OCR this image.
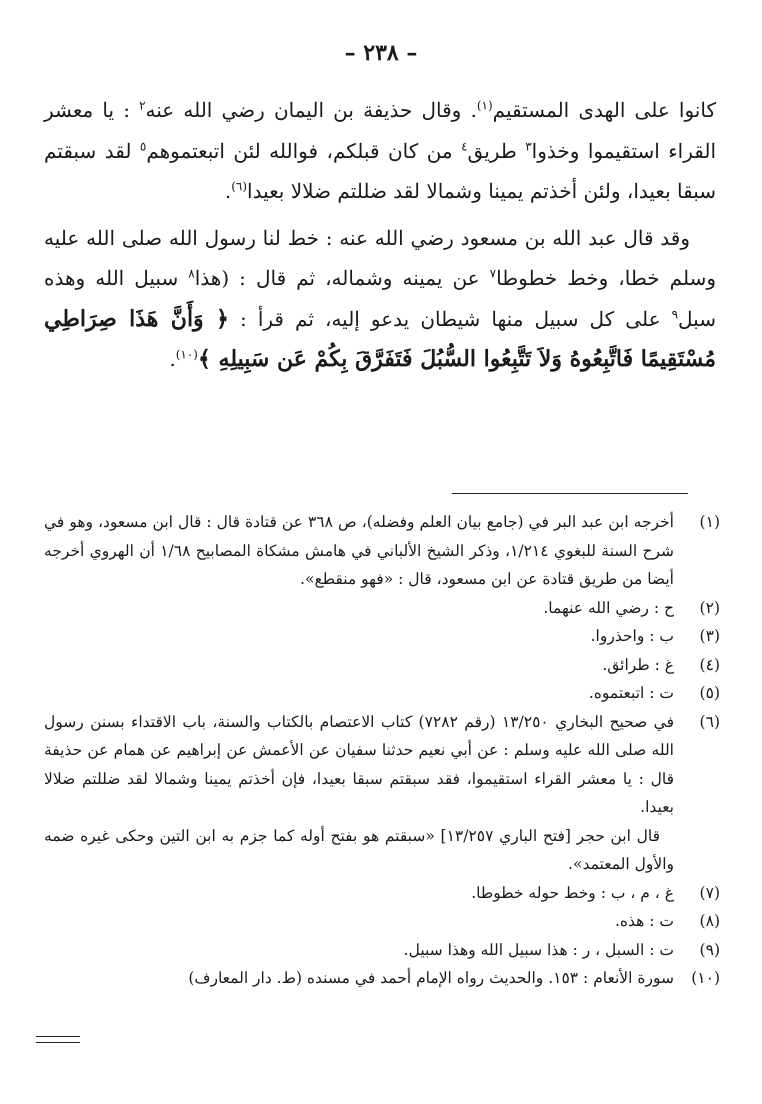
– ٢٣٨ –

كانوا على الهدى المستقيم$^{(١)}$. وقال حذيفة بن اليمان رضي الله عنه$^٢$ : يا معشر القراء استقيموا وخذوا$^٣$ طريق$^٤$ من كان قبلكم، فوالله لئن اتبعتموهم$^٥$ لقد سبقتم سبقا بعيدا، ولئن أخذتم يمينا وشمالا لقد ضللتم ضلالا بعيدا$^{(٦)}$.

وقد قال عبد الله بن مسعود رضي الله عنه : خط لنا رسول الله صلى الله عليه وسلم خطا، وخط خطوطا$^٧$ عن يمينه وشماله، ثم قال : (هذا$^٨$ سبيل الله وهذه سبل$^٩$ على كل سبيل منها شيطان يدعو إليه، ثم قرأ : ﴿ وَأَنَّ هَذَا صِرَاطِي مُسْتَقِيمًا فَاتَّبِعُوهُ وَلاَ تَتَّبِعُوا السُّبُلَ فَتَفَرَّقَ بِكُمْ عَن سَبِيلِهِ ﴾$^{(١٠)}$.

(١)
أخرجه ابن عبد البر في (جامع بيان العلم وفضله)، ص ٣٦٨ عن قتادة قال : قال ابن مسعود، وهو في شرح السنة للبغوي ١/٢١٤، وذكر الشيخ الألباني في هامش مشكاة المصابيح ١/٦٨ أن الهروي أخرجه أيضا من طريق قتادة عن ابن مسعود، قال : «فهو منقطع».
(٢)
ح : رضي الله عنهما.
(٣)
ب : واحذروا.
(٤)
غ : طرائق.
(٥)
ت : اتبعتموه.
(٦)
في صحيح البخاري ١٣/٢٥٠ (رقم ٧٢٨٢) كتاب الاعتصام بالكتاب والسنة، باب الاقتداء بسنن رسول الله صلى الله عليه وسلم : عن أبي نعيم حدثنا سفيان عن الأعمش عن إبراهيم عن همام عن حذيفة قال : يا معشر القراء استقيموا، فقد سبقتم سبقا بعيدا، فإن أخذتم يمينا وشمالا لقد ضللتم ضلالا بعيدا.
قال ابن حجر [فتح الباري ١٣/٢٥٧] «سبقتم هو بفتح أوله كما جزم به ابن التين وحكى غيره ضمه والأول المعتمد».
(٧)
غ ، م ، ب : وخط حوله خطوطا.
(٨)
ت : هذه.
(٩)
ت : السبل ، ر : هذا سبيل الله وهذا سبيل.
(١٠)
سورة الأنعام : ١٥٣. والحديث رواه الإمام أحمد في مسنده (ط. دار المعارف)
